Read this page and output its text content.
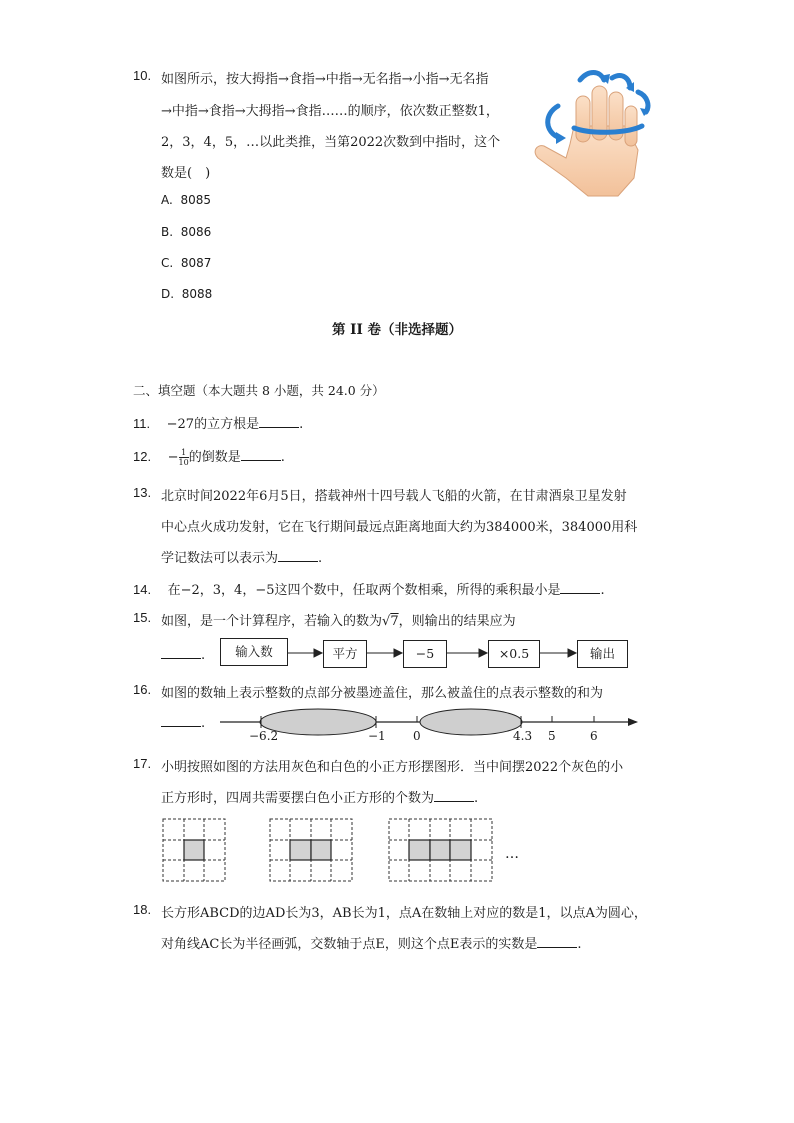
10. 如图所示，按大拇指→食指→中指→无名指→小指→无名指
→中指→食指→大拇指→食指……的顺序，依次数正整数1，
2，3，4，5，…以此类推，当第2022次数到中指时，这个
数是(　)
A. 8085
B. 8086
C. 8087
D. 8088
第 II 卷（非选择题）
二、填空题（本大题共 8 小题，共 24.0 分）
11. −27的立方根是	.
12. − $\frac{1}{10}$ 的倒数是	.
13. 北京时间2022年6月5日，搭载神州十四号载人飞船的火箭，在甘肃酒泉卫星发射
中心点火成功发射，它在飞行期间最远点距离地面大约为384000米，384000用科
学记数法可以表示为	.
14. 在−2，3，4，−5这四个数中，任取两个数相乘，所得的乘积最小是	.
15. 如图，是一个计算程序，若输入的数为√7，则输出的结果应为
.	输入数	平方	−5	×0.5	输出
16. 如图的数轴上表示整数的点部分被墨迹盖住，那么被盖住的点表示整数的和为
.
−6.2	−1 0	4.3 5	6
17. 小明按照如图的方法用灰色和白色的小正方形摆图形．当中间摆2022个灰色的小
正方形时，四周共需要摆白色小正方形的个数为	.
…
18. 长方形ABCD的边AD长为3，AB长为1，点A在数轴上对应的数是1，以点A为圆心，
对角线AC长为半径画弧，交数轴于点E，则这个点E表示的实数是	.
